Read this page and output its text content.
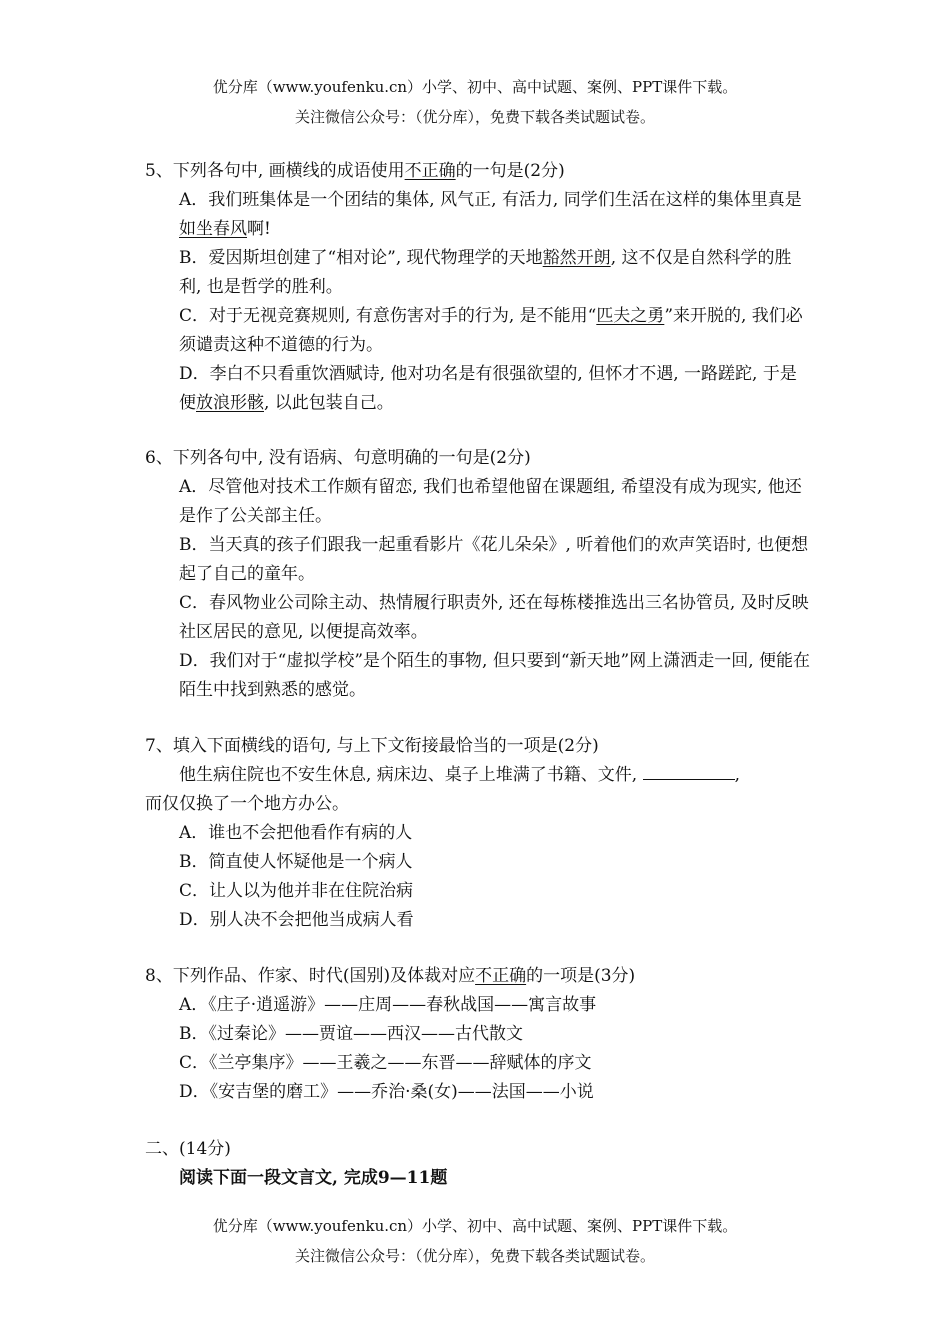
优分库（www.youfenku.cn）小学、初中、高中试题、案例、PPT课件下载。
关注微信公众号：（优分库），免费下载各类试题试卷。
5、下列各句中, 画横线的成语使用不正确的一句是(2分)
A．我们班集体是一个团结的集体, 风气正, 有活力, 同学们生活在这样的集体里真是如坐春风啊!
B．爱因斯坦创建了“相对论”, 现代物理学的天地豁然开朗, 这不仅是自然科学的胜利, 也是哲学的胜利。
C．对于无视竞赛规则, 有意伤害对手的行为, 是不能用“匹夫之勇”来开脱的, 我们必须谴责这种不道德的行为。
D．李白不只看重饮酒赋诗, 他对功名是有很强欲望的, 但怀才不遇, 一路蹉跎, 于是便放浪形骸, 以此包装自己。
6、下列各句中, 没有语病、句意明确的一句是(2分)
A．尽管他对技术工作颇有留恋, 我们也希望他留在课题组, 希望没有成为现实, 他还是作了公关部主任。
B．当天真的孩子们跟我一起重看影片《花儿朵朵》, 听着他们的欢声笑语时, 也便想起了自己的童年。
C．春风物业公司除主动、热情履行职责外, 还在每栋楼推选出三名协管员, 及时反映社区居民的意见, 以便提高效率。
D．我们对于“虚拟学校”是个陌生的事物, 但只要到“新天地”网上潇洒走一回, 便能在陌生中找到熟悉的感觉。
7、填入下面横线的语句, 与上下文衔接最恰当的一项是(2分)
他生病住院也不安生休息, 病床边、桌子上堆满了书籍、文件,	,
而仅仅换了一个地方办公。
A．谁也不会把他看作有病的人
B．简直使人怀疑他是一个病人
C．让人以为他并非在住院治病
D．别人决不会把他当成病人看
8、下列作品、作家、时代(国别)及体裁对应不正确的一项是(3分)
A．《庄子·逍遥游》——庄周——春秋战国——寓言故事
B．《过秦论》——贾谊——西汉——古代散文
C．《兰亭集序》——王羲之——东晋——辞赋体的序文
D．《安吉堡的磨工》——乔治·桑(女)——法国——小说
二、(14分)
阅读下面一段文言文, 完成9—11题
优分库（www.youfenku.cn）小学、初中、高中试题、案例、PPT课件下载。
关注微信公众号：（优分库），免费下载各类试题试卷。
